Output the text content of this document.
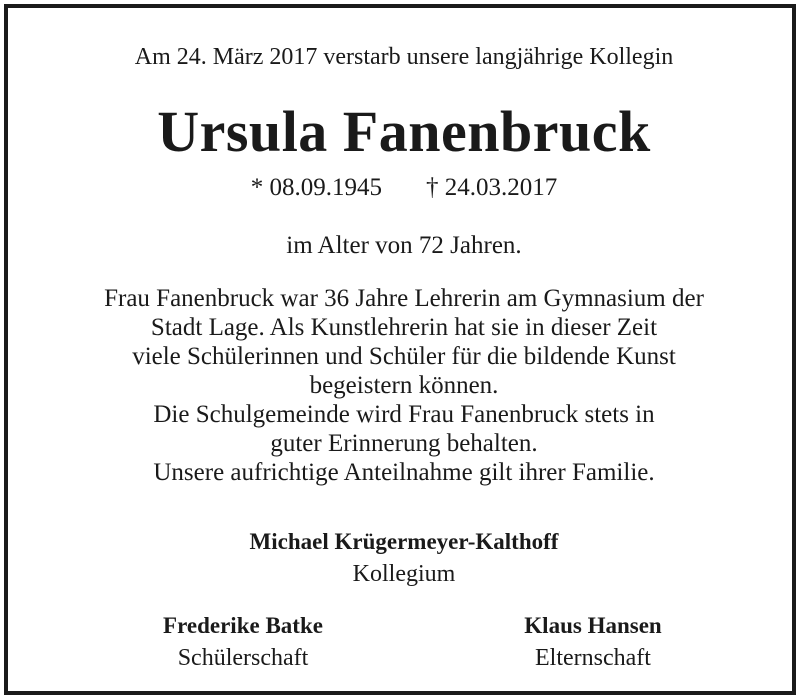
Am 24. März 2017 verstarb unsere langjährige Kollegin
Ursula Fanenbruck
* 08.09.1945 † 24.03.2017
im Alter von 72 Jahren.
Frau Fanenbruck war 36 Jahre Lehrerin am Gymnasium der
Stadt Lage. Als Kunstlehrerin hat sie in dieser Zeit
viele Schülerinnen und Schüler für die bildende Kunst
begeistern können.
Die Schulgemeinde wird Frau Fanenbruck stets in
guter Erinnerung behalten.
Unsere aufrichtige Anteilnahme gilt ihrer Familie.
Michael Krügermeyer-Kalthoff
Kollegium
Frederike Batke
Schülerschaft
Klaus Hansen
Elternschaft
